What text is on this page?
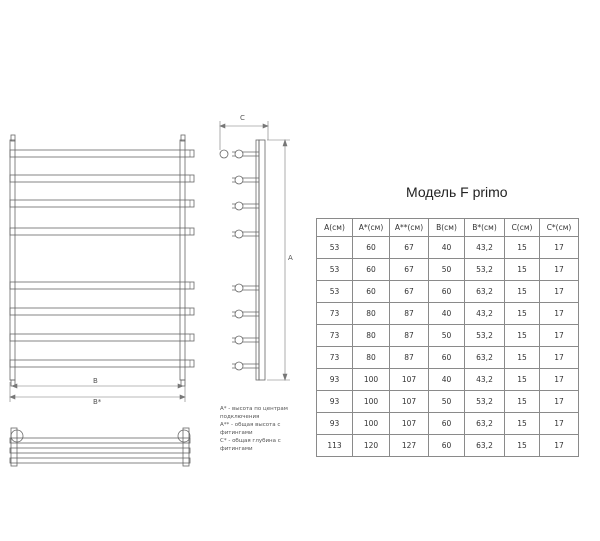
B
B*
A
C
A* - высота по центрам подключения
A** - общая высота с фитингами
C* - общая глубина с фитингами
Модель F primo
A(см)	A*(см)	A**(см)	B(см)	B*(см)	C(см)	C*(см)
53	60	67	40	43,2	15	17
53	60	67	50	53,2	15	17
53	60	67	60	63,2	15	17
73	80	87	40	43,2	15	17
73	80	87	50	53,2	15	17
73	80	87	60	63,2	15	17
93	100	107	40	43,2	15	17
93	100	107	50	53,2	15	17
93	100	107	60	63,2	15	17
113	120	127	60	63,2	15	17
